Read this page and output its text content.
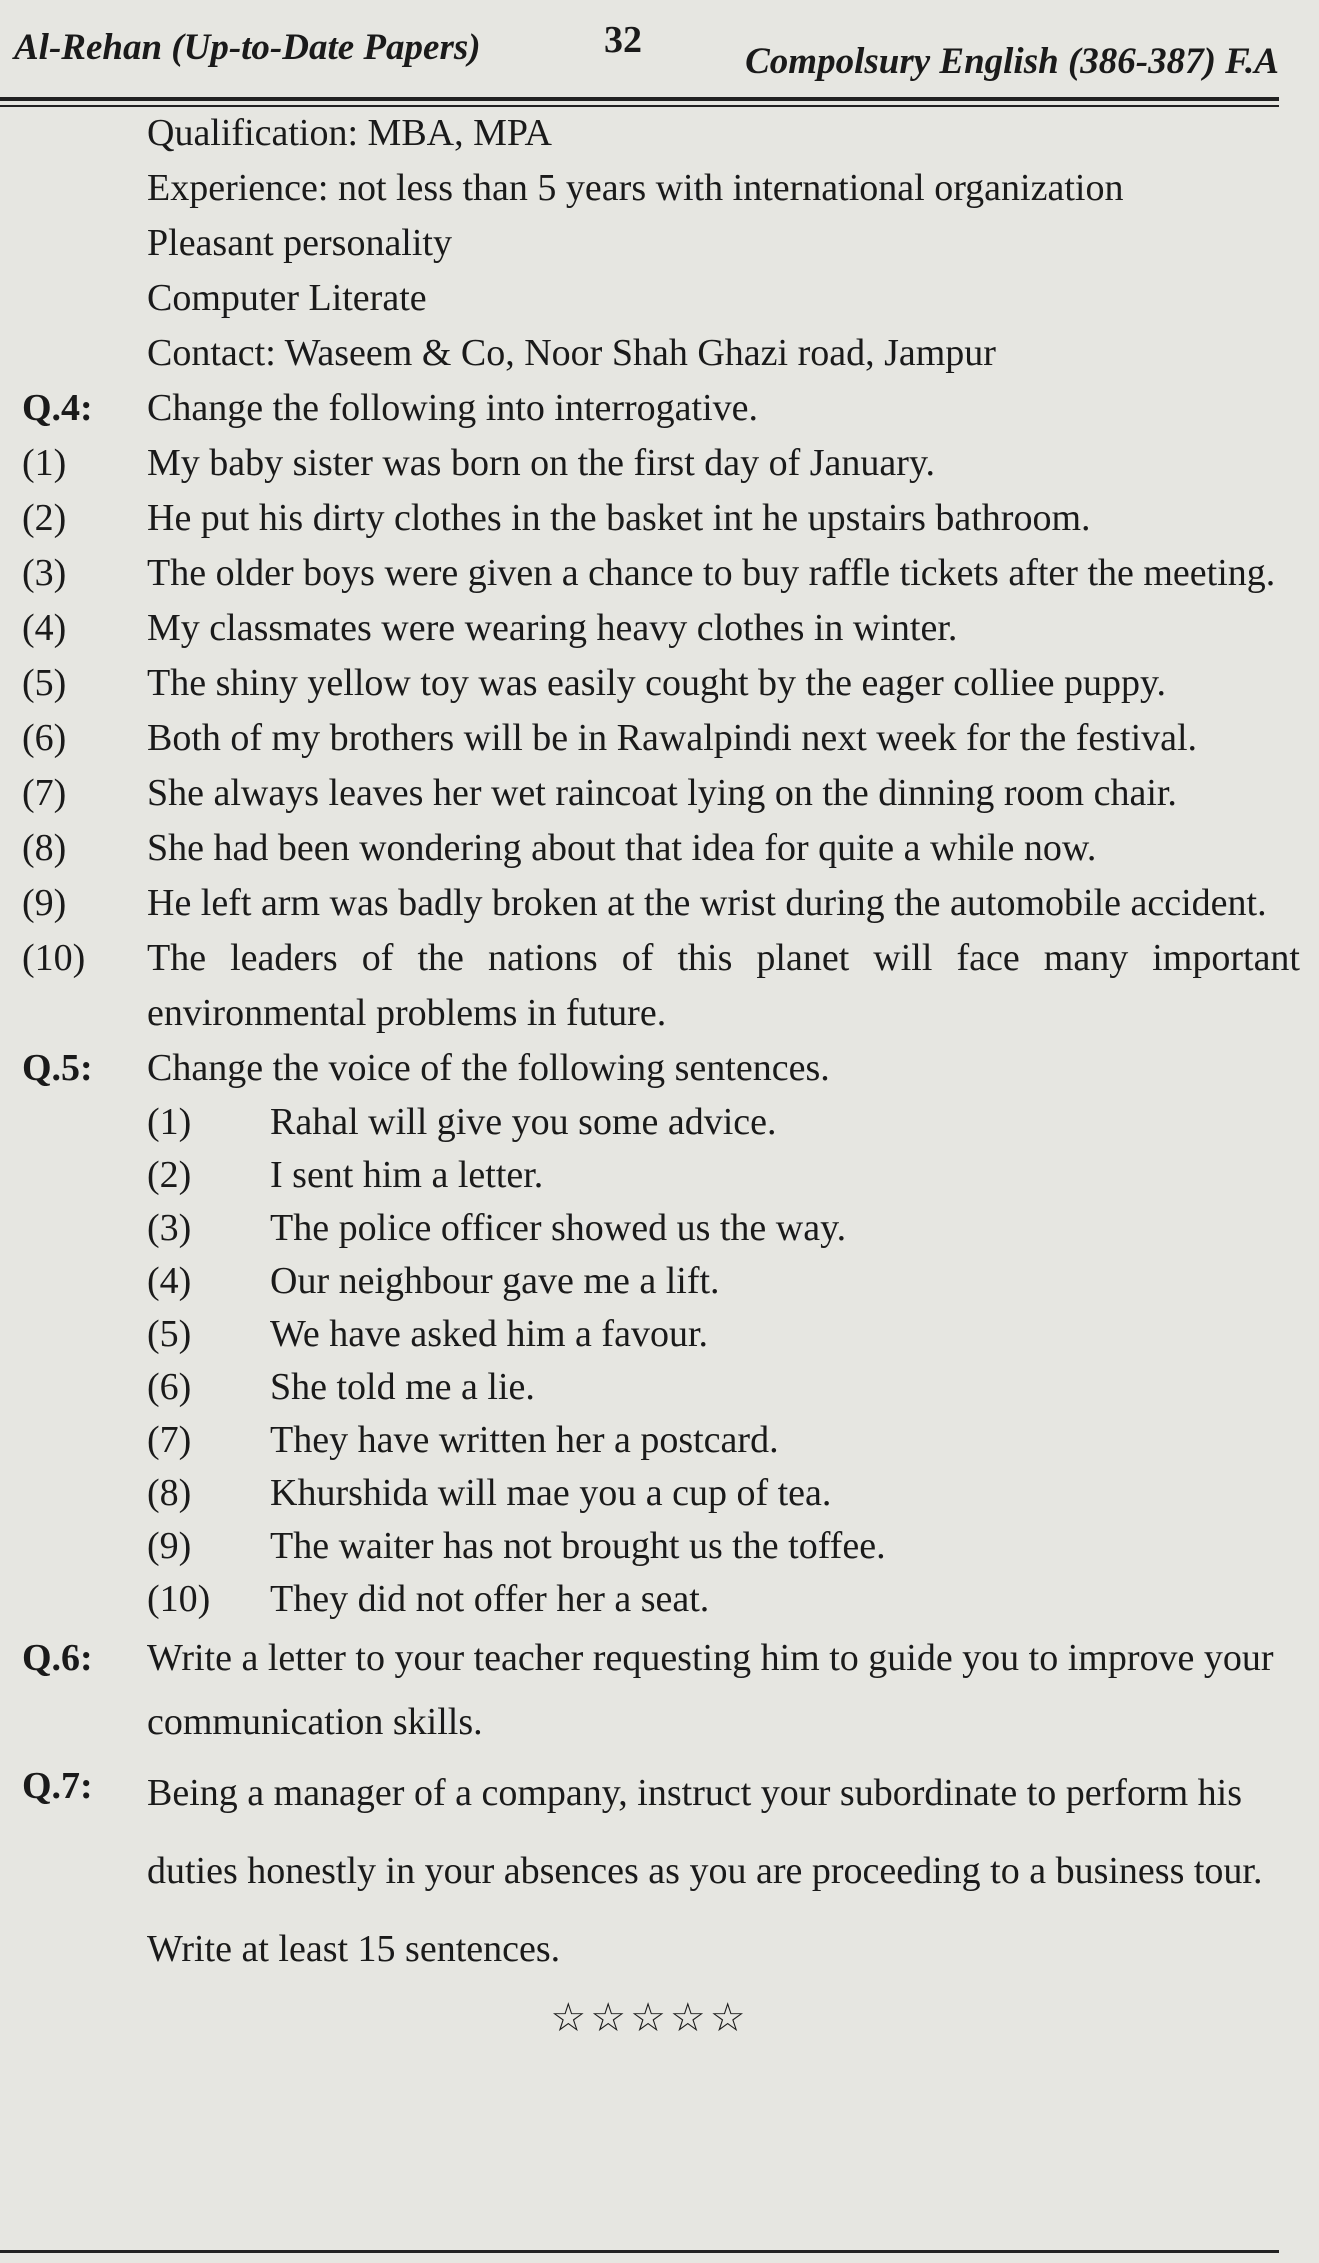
Al-Rehan (Up-to-Date Papers)	32
Compolsury English (386-387) F.A
Qualification: MBA, MPA
Experience: not less than 5 years with international organization
Pleasant personality
Computer Literate
Contact: Waseem & Co, Noor Shah Ghazi road, Jampur
Q.4:	Change the following into interrogative.
(1)	My baby sister was born on the first day of January.
(2)	He put his dirty clothes in the basket int he upstairs bathroom.
(3)	The older boys were given a chance to buy raffle tickets after the meeting.
(4)	My classmates were wearing heavy clothes in winter.
(5)	The shiny yellow toy was easily cought by the eager colliee puppy.
(6)	Both of my brothers will be in Rawalpindi next week for the festival.
(7)	She always leaves her wet raincoat lying on the dinning room chair.
(8)	She had been wondering about that idea for quite a while now.
(9)	He left arm was badly broken at the wrist during the automobile accident.
(10)	The leaders of the nations of this planet will face many important environmental problems in future.
Q.5:	Change the voice of the following sentences.
(1)	Rahal will give you some advice.
(2)	I sent him a letter.
(3)	The police officer showed us the way.
(4)	Our neighbour gave me a lift.
(5)	We have asked him a favour.
(6)	She told me a lie.
(7)	They have written her a postcard.
(8)	Khurshida will mae you a cup of tea.
(9)	The waiter has not brought us the toffee.
(10)	They did not offer her a seat.
Q.6:	Write a letter to your teacher requesting him to guide you to improve your communication skills.
Q.7:	Being a manager of a company, instruct your subordinate to perform his duties honestly in your absences as you are proceeding to a business tour. Write at least 15 sentences.
☆☆☆☆☆
